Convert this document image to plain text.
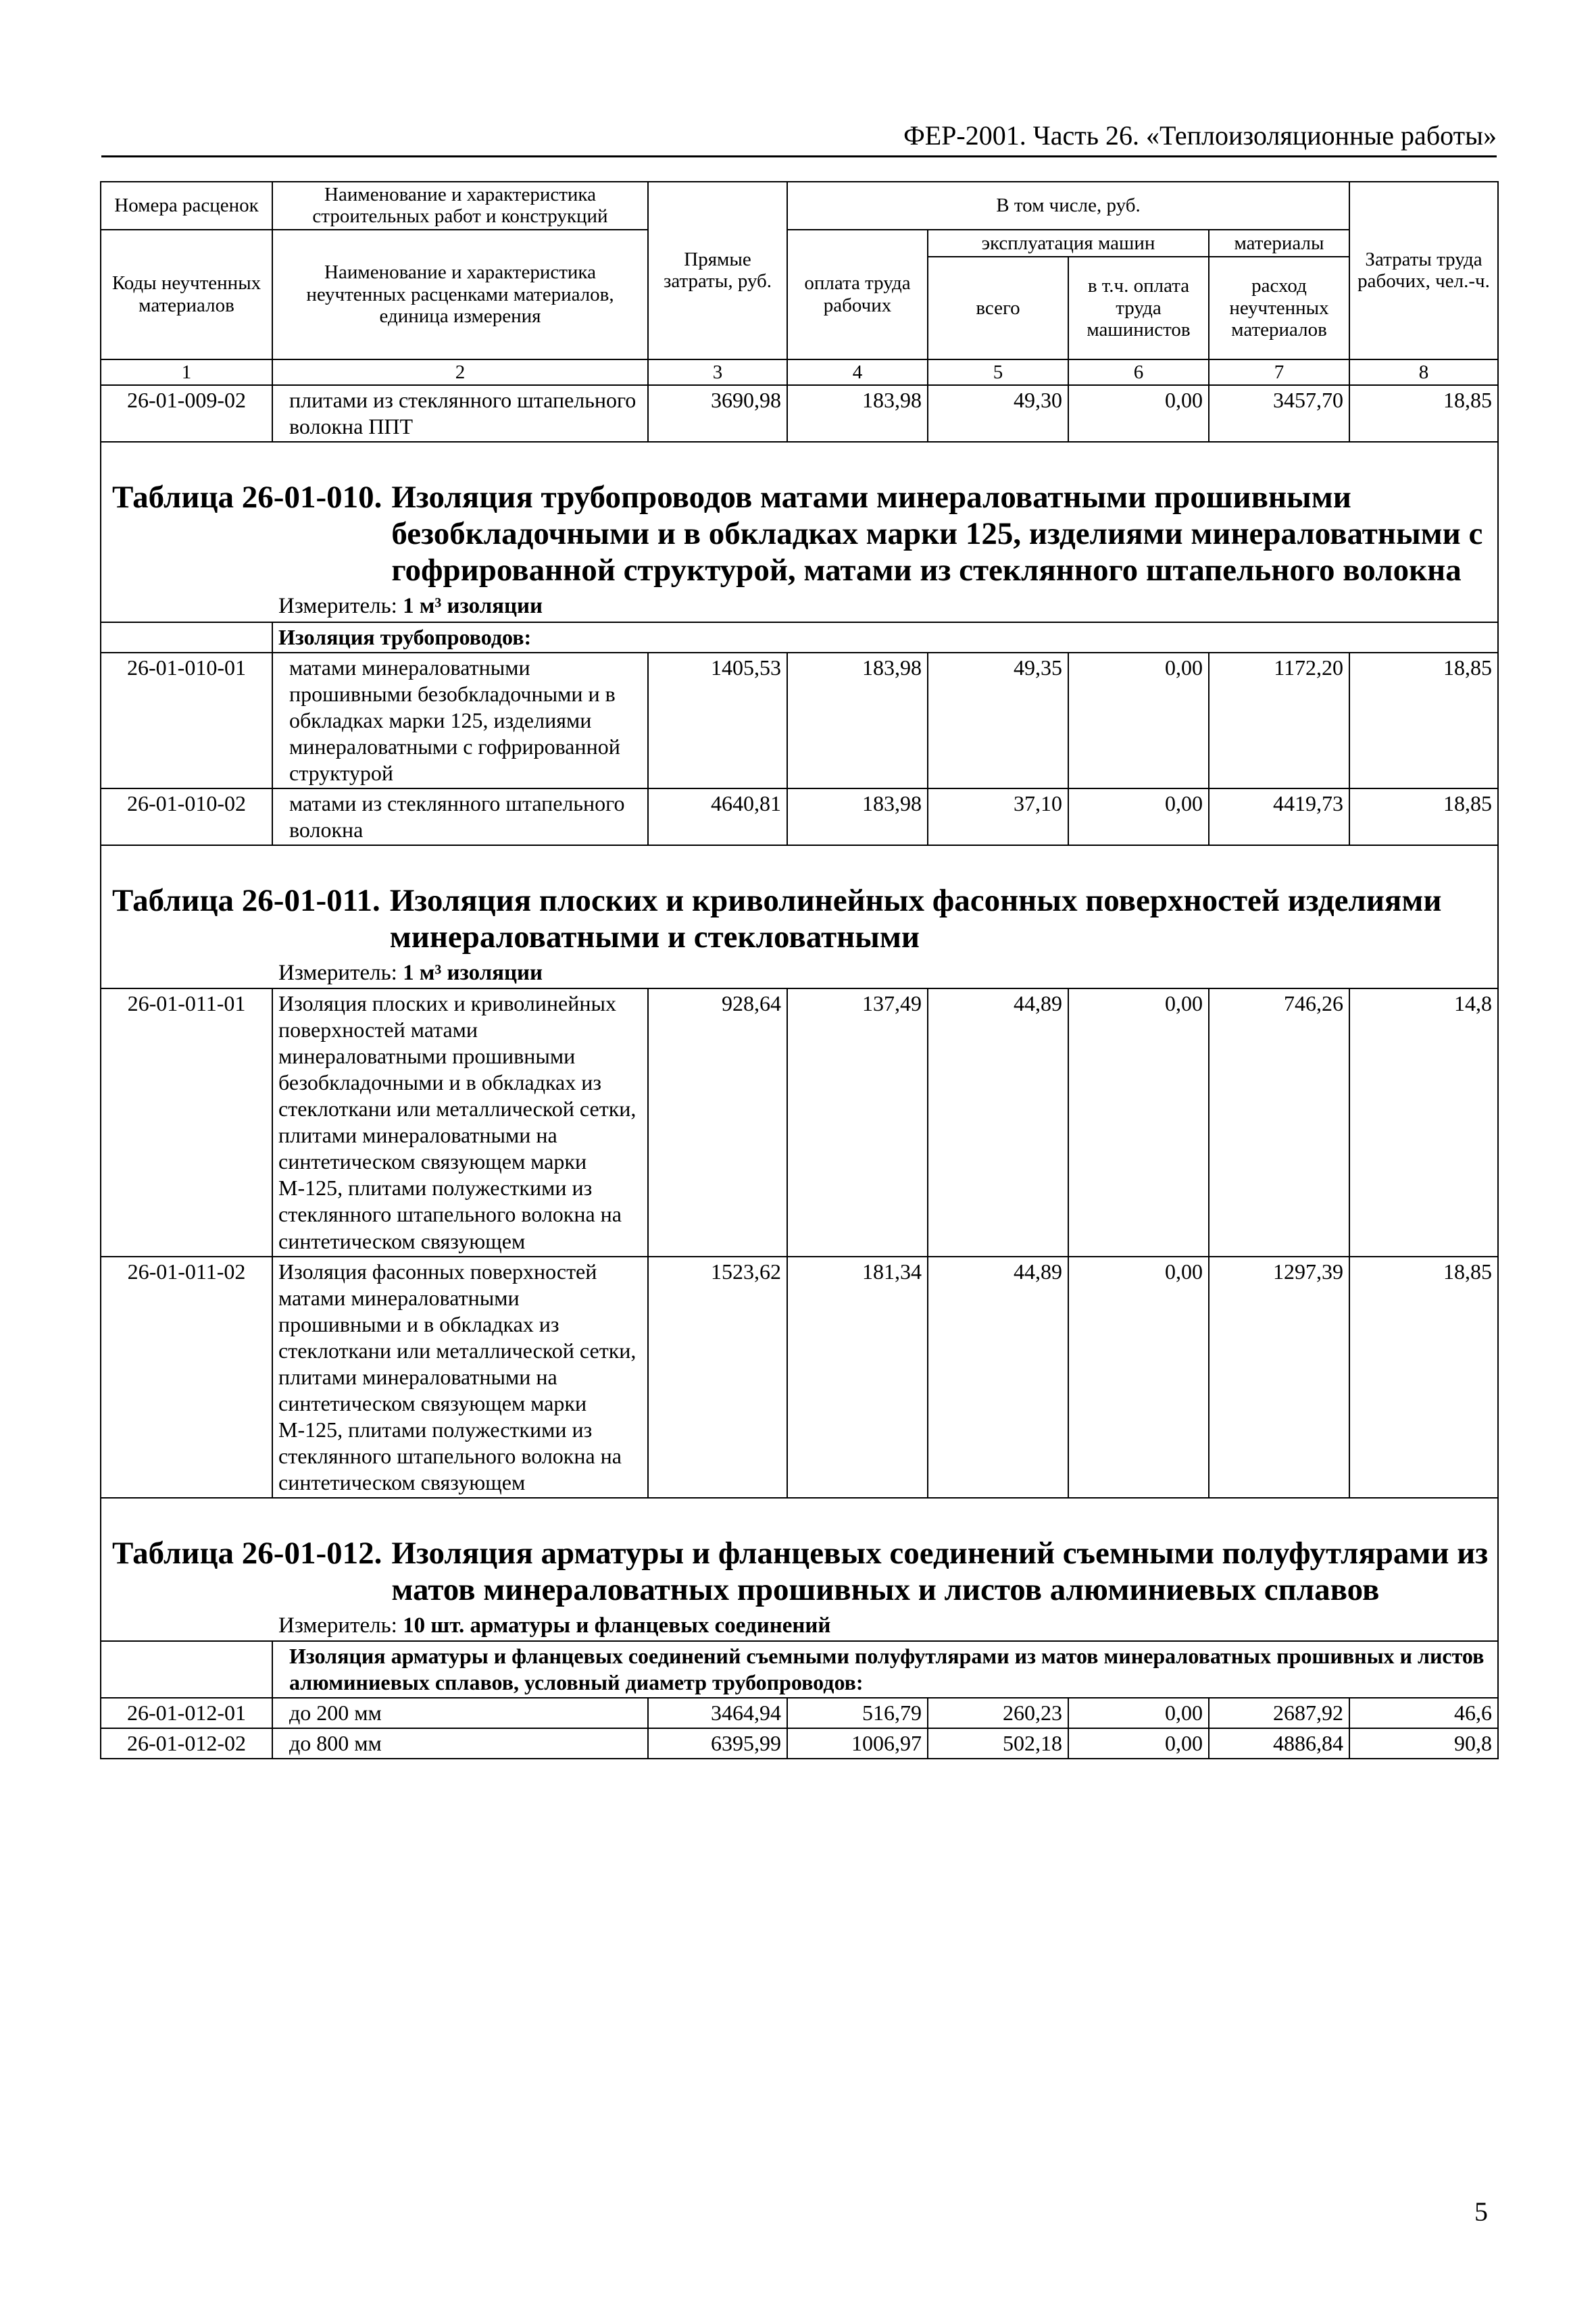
ФЕР-2001. Часть 26. «Теплоизоляционные работы»
Номера расценок	Наименование и характеристика строительных работ и конструкций	Прямые затраты, руб.	В том числе, руб.				Затраты труда рабочих, чел.-ч.
Коды неучтенных материалов	Наименование и характеристика неучтенных расценками материалов, единица измерения		оплата труда рабочих	эксплуатация машин		материалы	
				всего	в т.ч. оплата труда машинистов	расход неучтенных материалов	
1	2	3	4	5	6	7	8
26-01-009-02	плитами из стеклянного штапельного волокна ППТ	3690,98	183,98	49,30	0,00	3457,70	18,85

Таблица 26-01-010. Изоляция трубопроводов матами минераловатными прошивными безобкладочными и в обкладках марки 125, изделиями минераловатными с гофрированной структурой, матами из стеклянного штапельного волокна
Измеритель: 1 м³ изоляции							

	Изоляция трубопроводов:						
26-01-010-01	матами минераловатными прошивными безобкладочными и в обкладках марки 125, изделиями минераловатными с гофрированной структурой	1405,53	183,98	49,35	0,00	1172,20	18,85
26-01-010-02	матами из стеклянного штапельного волокна	4640,81	183,98	37,10	0,00	4419,73	18,85

Таблица 26-01-011. Изоляция плоских и криволинейных фасонных поверхностей изделиями минераловатными и стекловатными
Измеритель: 1 м³ изоляции							

26-01-011-01	Изоляция плоских и криволинейных поверхностей матами минераловатными прошивными безобкладочными и в обкладках из стеклоткани или металлической сетки, плитами минераловатными на синтетическом связующем марки М-125, плитами полужесткими из стеклянного штапельного волокна на синтетическом связующем	928,64	137,49	44,89	0,00	746,26	14,8
26-01-011-02	Изоляция фасонных поверхностей матами минераловатными прошивными и в обкладках из стеклоткани или металлической сетки, плитами минераловатными на синтетическом связующем марки М-125, плитами полужесткими из стеклянного штапельного волокна на синтетическом связующем	1523,62	181,34	44,89	0,00	1297,39	18,85

Таблица 26-01-012. Изоляция арматуры и фланцевых соединений съемными полуфутлярами из матов минераловатных прошивных и листов алюминиевых сплавов
Измеритель: 10 шт. арматуры и фланцевых соединений							

	Изоляция арматуры и фланцевых соединений съемными полуфутлярами из матов минераловатных прошивных и листов алюминиевых сплавов, условный диаметр трубопроводов:						
26-01-012-01	до 200 мм	3464,94	516,79	260,23	0,00	2687,92	46,6
26-01-012-02	до 800 мм	6395,99	1006,97	502,18	0,00	4886,84	90,8
5
